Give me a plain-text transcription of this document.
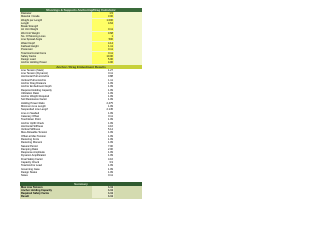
Moorings & Supports Anchoring/Drag Calculator
Diameter	1.5
Material / Grade	3.00
Weight per Length	1.000
Length	4.64
Break Strength
Air Unit Weight	0.11
Wet Unit Weight	0.68
No. Of Mooring Lines	1
Line Spread Angle	500
Water Depth	4.14
Fairlead Height	1.11
Pretension	0.11
Total Horizontal Force	0.11
Safety Factor	10.00
Design Load	5.00
Anchor Holding Power	4.00
Anchor / Drag Embedment Results
Line Tension (Static)	1.27
Line Tension (Dynamic)	0.11
Horizontal Pull at Anchor	0.88
Vertical Pull at Anchor	1.11
Anchor Drag Distance	1.09
Anchor Embedment Depth	1.09
Required Holding Capacity	1.09
Utilization Ratio	1.09
Anchor Weight Required	1.09
Soil Resistance Factor	1.09
Holding Power Ratio	2,475
Minimum Line Length	1.09
Suspended Line Length	2.145
Line on Seabed	1.09
Catenary Offset	0.11
Touchdown Point	1.09
Anchor Uplift Check	1.09
Horizontal Stiffness	4.16
Vertical Stiffness	5.14
Max Allowable Tension	1.09
Offset at Max Tension	1.09
Restoring Force	1.09
Restoring Moment	1.09
Natural Period	7.00
Damping Ratio	2.00
Response Amplitude	1.09
Dynamic Amplification	1.09
Final Safety Factor	4.16
Capacity Check	3.9
Total Anchor Load	1.09
Governing Case	1.09
Design Status	1.09
Notes	0.11
Summary
Max Line Tension	1.11
Anchor Holding Capacity	1.11
Required Safety Factor	1.11
Result	1.11
